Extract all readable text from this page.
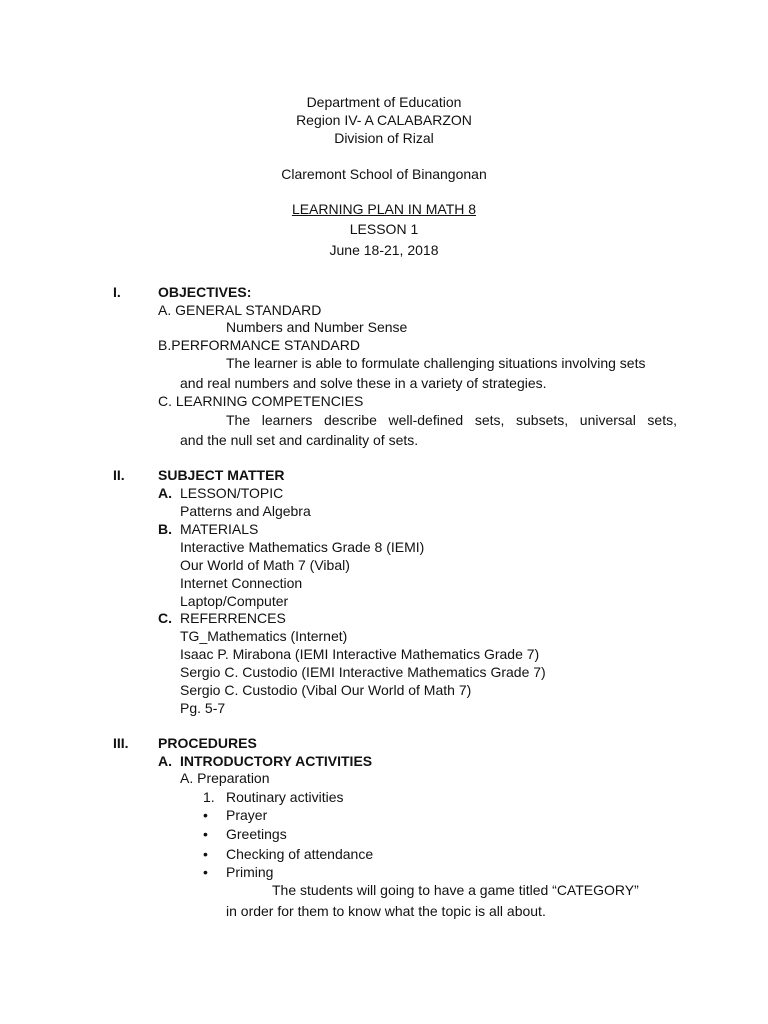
Department of Education
Region IV- A CALABARZON
Division of Rizal
Claremont School of Binangonan
LEARNING PLAN IN MATH 8
LESSON 1
June 18-21, 2018
I.	OBJECTIVES:
A. GENERAL STANDARD
Numbers and Number Sense
B.PERFORMANCE STANDARD
The learner is able to formulate challenging situations involving sets
and real numbers and solve these in a variety of strategies.
C. LEARNING COMPETENCIES
The learners describe well-defined sets, subsets, universal sets,
and the null set and cardinality of sets.
II. SUBJECT MATTER
A. LESSON/TOPIC
Patterns and Algebra
B. MATERIALS
Interactive Mathematics Grade 8 (IEMI)
Our World of Math 7 (Vibal)
Internet Connection
Laptop/Computer
C. REFERRENCES
TG_Mathematics (Internet)
Isaac P. Mirabona (IEMI Interactive Mathematics Grade 7)
Sergio C. Custodio (IEMI Interactive Mathematics Grade 7)
Sergio C. Custodio (Vibal Our World of Math 7)
Pg. 5-7
III. PROCEDURES
A. INTRODUCTORY ACTIVITIES
A. Preparation
1. Routinary activities
• Prayer
• Greetings
• Checking of attendance
• Priming
The students will going to have a game titled “CATEGORY”
in order for them to know what the topic is all about.
